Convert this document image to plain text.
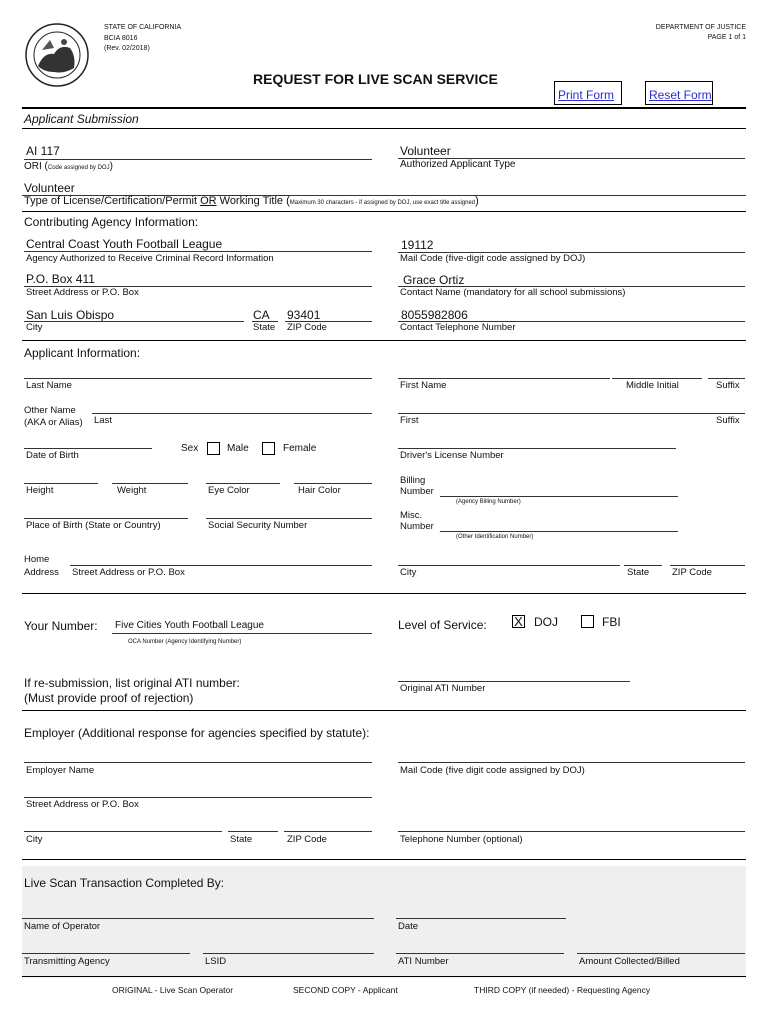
STATE OF CALIFORNIA
BCIA 8016
(Rev. 02/2018)
DEPARTMENT OF JUSTICE
PAGE 1 of 1
REQUEST FOR LIVE SCAN SERVICE
Print Form	Reset Form
Applicant Submission
AI 117
ORI (Code assigned by DOJ)
Volunteer
Authorized Applicant Type
Volunteer
Type of License/Certification/Permit OR Working Title (Maximum 30 characters - if assigned by DOJ, use exact title assigned)
Contributing Agency Information:
Central Coast Youth Football League
Agency Authorized to Receive Criminal Record Information
19112
Mail Code (five-digit code assigned by DOJ)
P.O. Box 411
Street Address or P.O. Box
Grace Ortiz
Contact Name (mandatory for all school submissions)
San Luis Obispo
City
CA
State
93401
ZIP Code
8055982806
Contact Telephone Number
Applicant Information:
Last Name	First Name	Middle Initial	Suffix
Other Name
(AKA or Alias) Last	First	Suffix
Date of Birth
Sex	Male	Female
Driver's License Number
Height	Weight	Eye Color	Hair Color
Billing
Number
(Agency Billing Number)
Place of Birth (State or Country)	Social Security Number
Misc.
Number
(Other Identification Number)
Home
Address Street Address or P.O. Box	City	State ZIP Code
Your Number: Five Cities Youth Football League
OCA Number (Agency Identifying Number)
Level of Service: X DOJ	FBI
If re-submission, list original ATI number:
(Must provide proof of rejection)
Original ATI Number
Employer (Additional response for agencies specified by statute):
Employer Name	Mail Code (five digit code assigned by DOJ)
Street Address or P.O. Box
City	State	ZIP Code	Telephone Number (optional)
Live Scan Transaction Completed By:
Name of Operator	Date
Transmitting Agency	LSID	ATI Number	Amount Collected/Billed
ORIGINAL - Live Scan Operator	SECOND COPY - Applicant	THIRD COPY (if needed) - Requesting Agency
